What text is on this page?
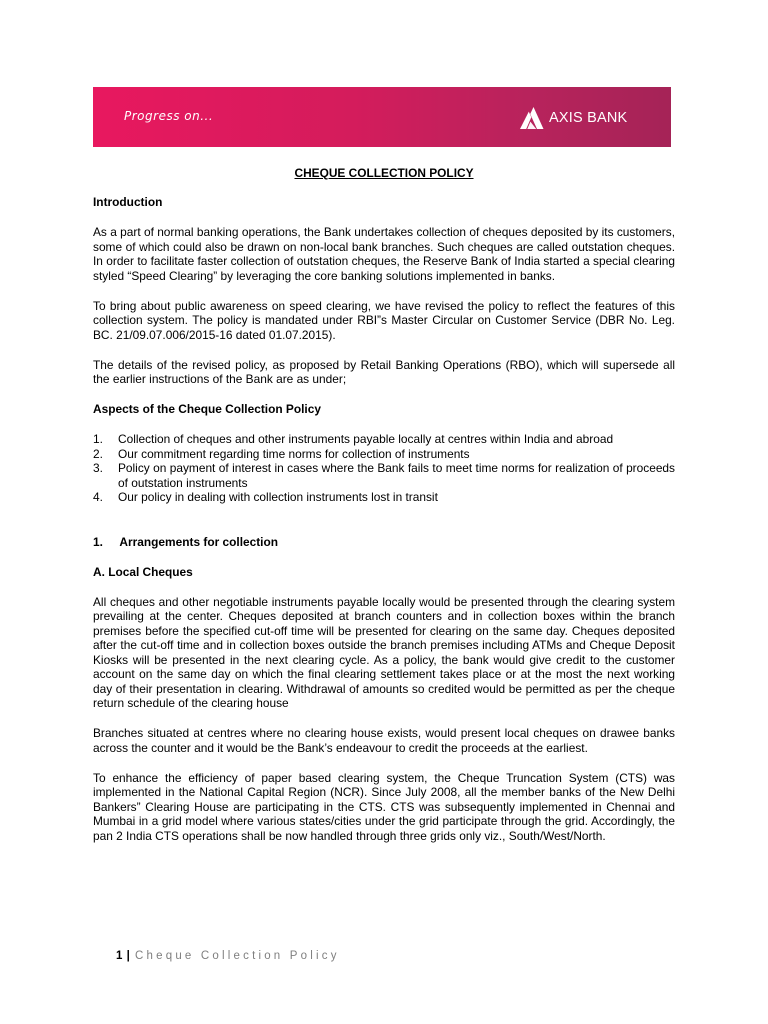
Progress on...	AXIS BANK
CHEQUE COLLECTION POLICY
Introduction

As a part of normal banking operations, the Bank undertakes collection of cheques deposited by its customers, some of which could also be drawn on non-local bank branches. Such cheques are called outstation cheques. In order to facilitate faster collection of outstation cheques, the Reserve Bank of India started a special clearing styled “Speed Clearing” by leveraging the core banking solutions implemented in banks.

To bring about public awareness on speed clearing, we have revised the policy to reflect the features of this collection system. The policy is mandated under RBI”s Master Circular on Customer Service (DBR No. Leg. BC. 21/09.07.006/2015-16 dated 01.07.2015).

The details of the revised policy, as proposed by Retail Banking Operations (RBO), which will supersede all the earlier instructions of the Bank are as under;

Aspects of the Cheque Collection Policy
1. Collection of cheques and other instruments payable locally at centres within India and abroad
2. Our commitment regarding time norms for collection of instruments
3. Policy on payment of interest in cases where the Bank fails to meet time norms for realization of proceeds of outstation instruments
4. Our policy in dealing with collection instruments lost in transit
1.     Arrangements for collection
A. Local Cheques

All cheques and other negotiable instruments payable locally would be presented through the clearing system prevailing at the center. Cheques deposited at branch counters and in collection boxes within the branch premises before the specified cut-off time will be presented for clearing on the same day. Cheques deposited after the cut-off time and in collection boxes outside the branch premises including ATMs and Cheque Deposit Kiosks will be presented in the next clearing cycle. As a policy, the bank would give credit to the customer account on the same day on which the final clearing settlement takes place or at the most the next working day of their presentation in clearing. Withdrawal of amounts so credited would be permitted as per the cheque return schedule of the clearing house

Branches situated at centres where no clearing house exists, would present local cheques on drawee banks across the counter and it would be the Bank’s endeavour to credit the proceeds at the earliest.

To enhance the efficiency of paper based clearing system, the Cheque Truncation System (CTS) was implemented in the National Capital Region (NCR). Since July 2008, all the member banks of the New Delhi Bankers” Clearing House are participating in the CTS. CTS was subsequently implemented in Chennai and Mumbai in a grid model where various states/cities under the grid participate through the grid. Accordingly, the pan 2 India CTS operations shall be now handled through three grids only viz., South/West/North.

1 | Cheque Collection Policy
